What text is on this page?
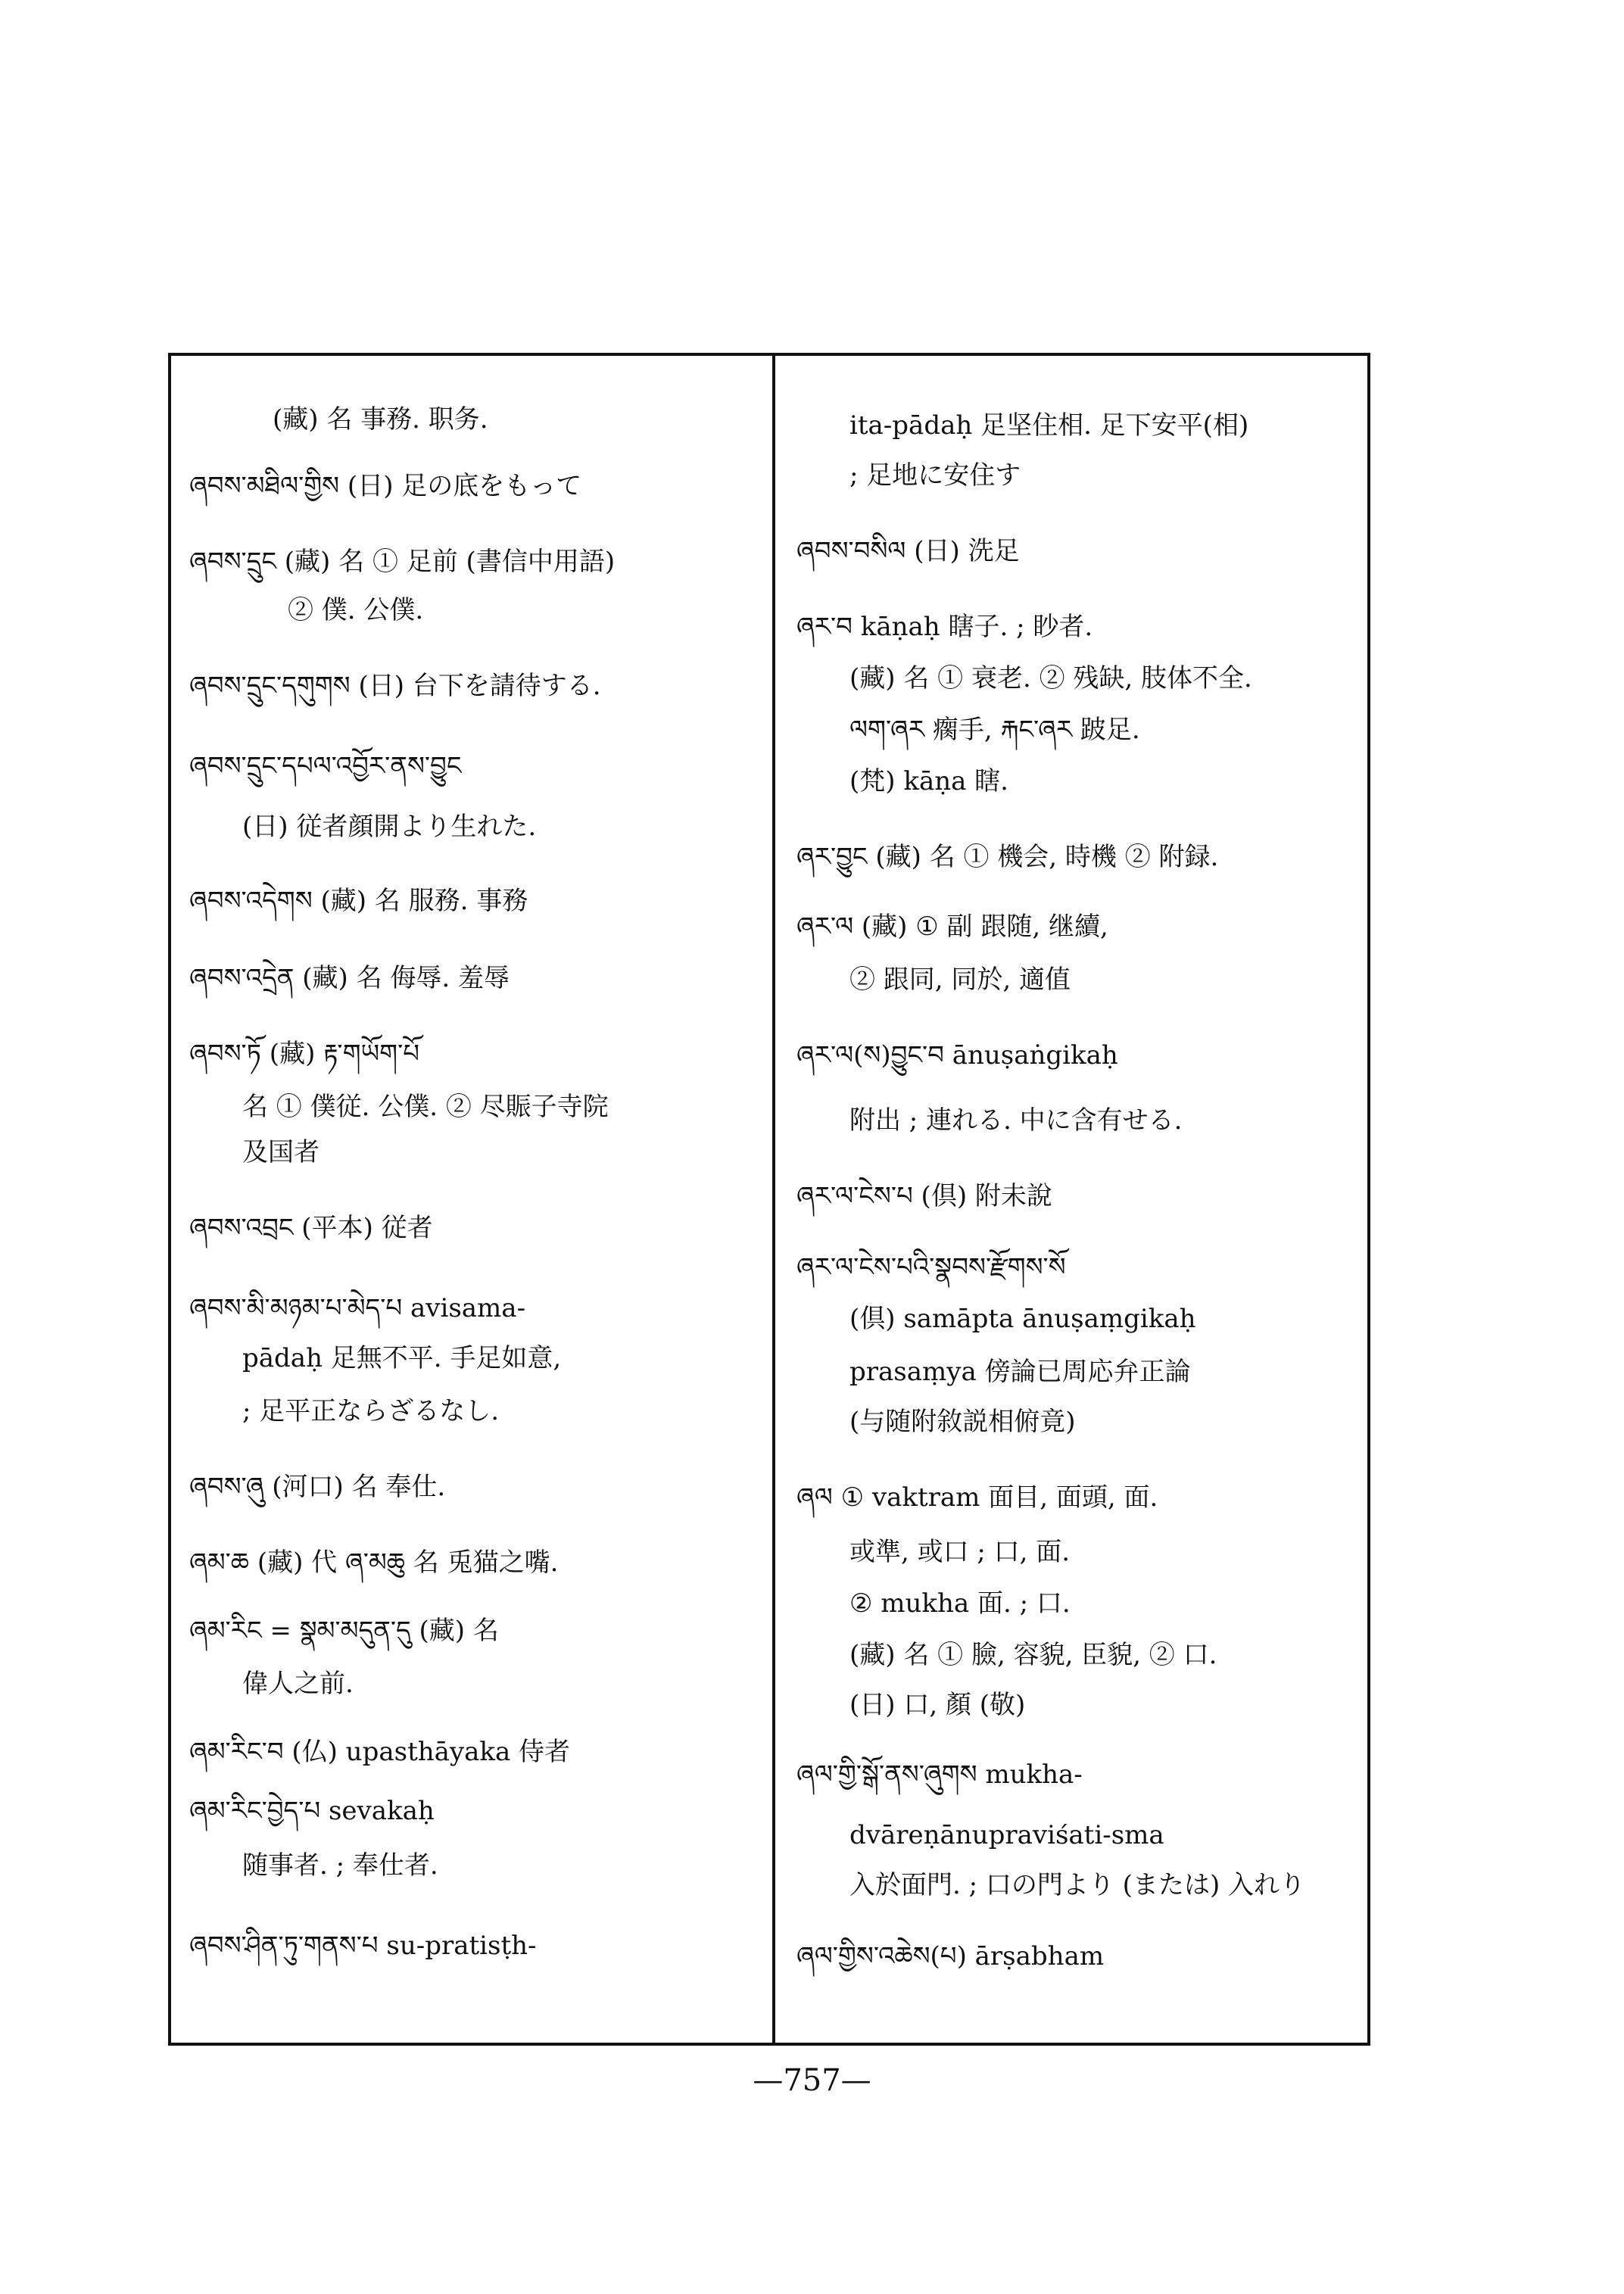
(藏) 名 事務. 职务.
ཞབས་མཐིལ་གྱིས (日) 足の底をもって
ཞབས་དྲུང (藏) 名 ① 足前 (書信中用語)
② 僕. 公僕.
ཞབས་དྲུང་དགུགས (日) 台下を請待する.
ཞབས་དྲུང་དཔལ་འབྱོར་ནས་བྱུང
(日) 従者顔開より生れた.
ཞབས་འདེགས (藏) 名 服務. 事務
ཞབས་འདྲེན (藏) 名 侮辱. 羞辱
ཞབས་ཏོ (藏) རྟ་གཡོག་པོ
名 ① 僕従. 公僕. ② 尽賑子寺院
及国者
ཞབས་འབྲང (平本) 従者
ཞབས་མི་མཉམ་པ་མེད་པ avisama-
pādaḥ 足無不平. 手足如意,
; 足平正ならざるなし.
ཞབས་ཞུ (河口) 名 奉仕.
ཞམ་ཆ (藏) 代 ཞ་མཆུ 名 兎猫之嘴.
ཞམ་རིང = སྣམ་མདུན་དུ (藏) 名
偉人之前.
ཞམ་རིང་བ (仏) upasthāyaka 侍者
ཞམ་རིང་བྱེད་པ sevakaḥ
随事者. ; 奉仕者.
ཞབས་ཤིན་ཏུ་གནས་པ su-pratisṭh-
ita-pādaḥ 足坚住相. 足下安平(相)
; 足地に安住す
ཞབས་བསིལ (日) 洗足
ཞར་བ kāṇaḥ 瞎子. ; 眇者.
(藏) 名 ① 衰老. ② 残缺, 肢体不全.
ལག་ཞར 瘸手, རྐང་ཞར 跛足.
(梵) kāṇa 瞎.
ཞར་བྱུང (藏) 名 ① 機会, 時機 ② 附録.
ཞར་ལ (藏) ① 副 跟随, 继續,
② 跟同, 同於, 適值
ཞར་ལ(ས)བྱུང་བ ānuṣaṅgikaḥ
附出 ; 連れる. 中に含有せる.
ཞར་ལ་ངེས་པ (倶) 附未說
ཞར་ལ་ངེས་པའི་སྣབས་རྫོགས་སོ
(倶) samāpta ānuṣaṃgikaḥ
prasaṃya 傍論已周応弁正論
(与随附敘説相俯竟)
ཞལ ① vaktram 面目, 面頭, 面.
或準, 或口 ; 口, 面.
② mukha 面. ; 口.
(藏) 名 ① 臉, 容貌, 臣貌, ② 口.
(日) 口, 顏 (敬)
ཞལ་གྱི་སྒོ་ནས་ཞུགས mukha-
dvāreṇānupraviśati-sma
入於面門. ; 口の門より (または) 入れり
ཞལ་གྱིས་འཆེས(པ) ārṣabham
—757—
